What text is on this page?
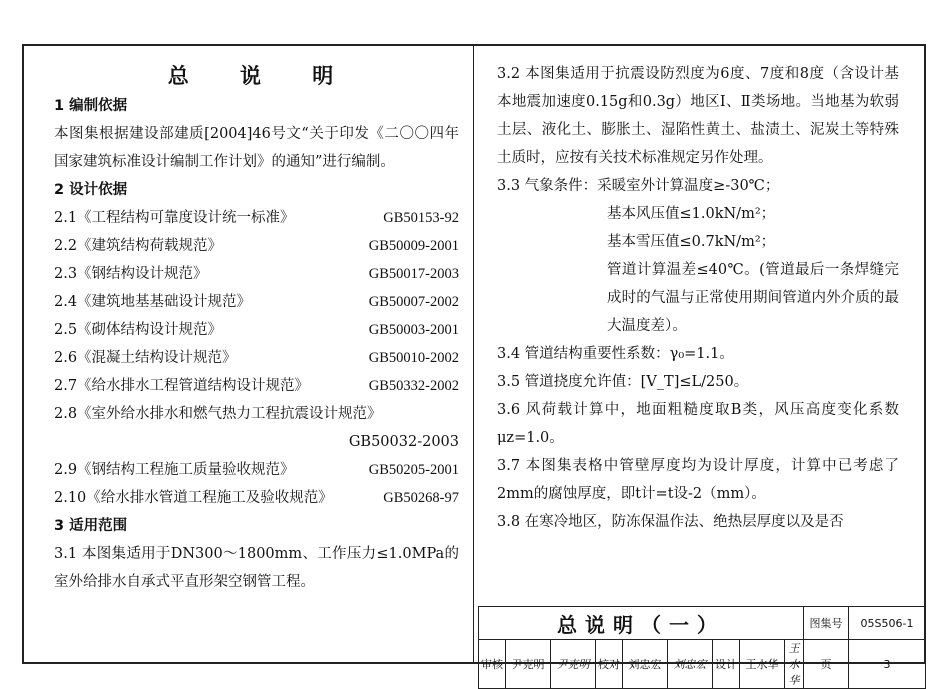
总 说 明
1 编制依据
本图集根据建设部建质[2004]46号文“关于印发《二〇〇四年国家建筑标准设计编制工作计划》的通知”进行编制。
2 设计依据
2.1《工程结构可靠度设计统一标准》	GB50153-92
2.2《建筑结构荷载规范》	GB50009-2001
2.3《钢结构设计规范》	GB50017-2003
2.4《建筑地基基础设计规范》	GB50007-2002
2.5《砌体结构设计规范》	GB50003-2001
2.6《混凝土结构设计规范》	GB50010-2002
2.7《给水排水工程管道结构设计规范》	GB50332-2002
2.8《室外给水排水和燃气热力工程抗震设计规范》
GB50032-2003
2.9《钢结构工程施工质量验收规范》	GB50205-2001
2.10《给水排水管道工程施工及验收规范》	GB50268-97
3 适用范围
3.1 本图集适用于DN300～1800mm、工作压力≤1.0MPa的室外给排水自承式平直形架空钢管工程。
3.2 本图集适用于抗震设防烈度为6度、7度和8度（含设计基本地震加速度0.15g和0.3g）地区Ⅰ、Ⅱ类场地。当地基为软弱土层、液化土、膨胀土、湿陷性黄土、盐渍土、泥炭土等特殊土质时，应按有关技术标准规定另作处理。
3.3 气象条件： 采暖室外计算温度≥-30℃；
基本风压值≤1.0kN/m²；
基本雪压值≤0.7kN/m²；
管道计算温差≤40℃。(管道最后一条焊缝完成时的气温与正常使用期间管道内外介质的最大温度差）。
3.4 管道结构重要性系数：γ₀=1.1。
3.5 管道挠度允许值：[V_T]≤L/250。
3.6 风荷载计算中，地面粗糙度取B类，风压高度变化系数 μz=1.0。
3.7 本图集表格中管壁厚度均为设计厚度，计算中已考虑了2mm的腐蚀厚度，即t计=t设-2（mm）。
3.8 在寒冷地区，防冻保温作法、绝热层厚度以及是否
总说明（一）									图集号	05S506-1
审核	尹克明	尹克明	校对	刘忠宏	刘忠宏	设计	王水华	王水华	页	3
